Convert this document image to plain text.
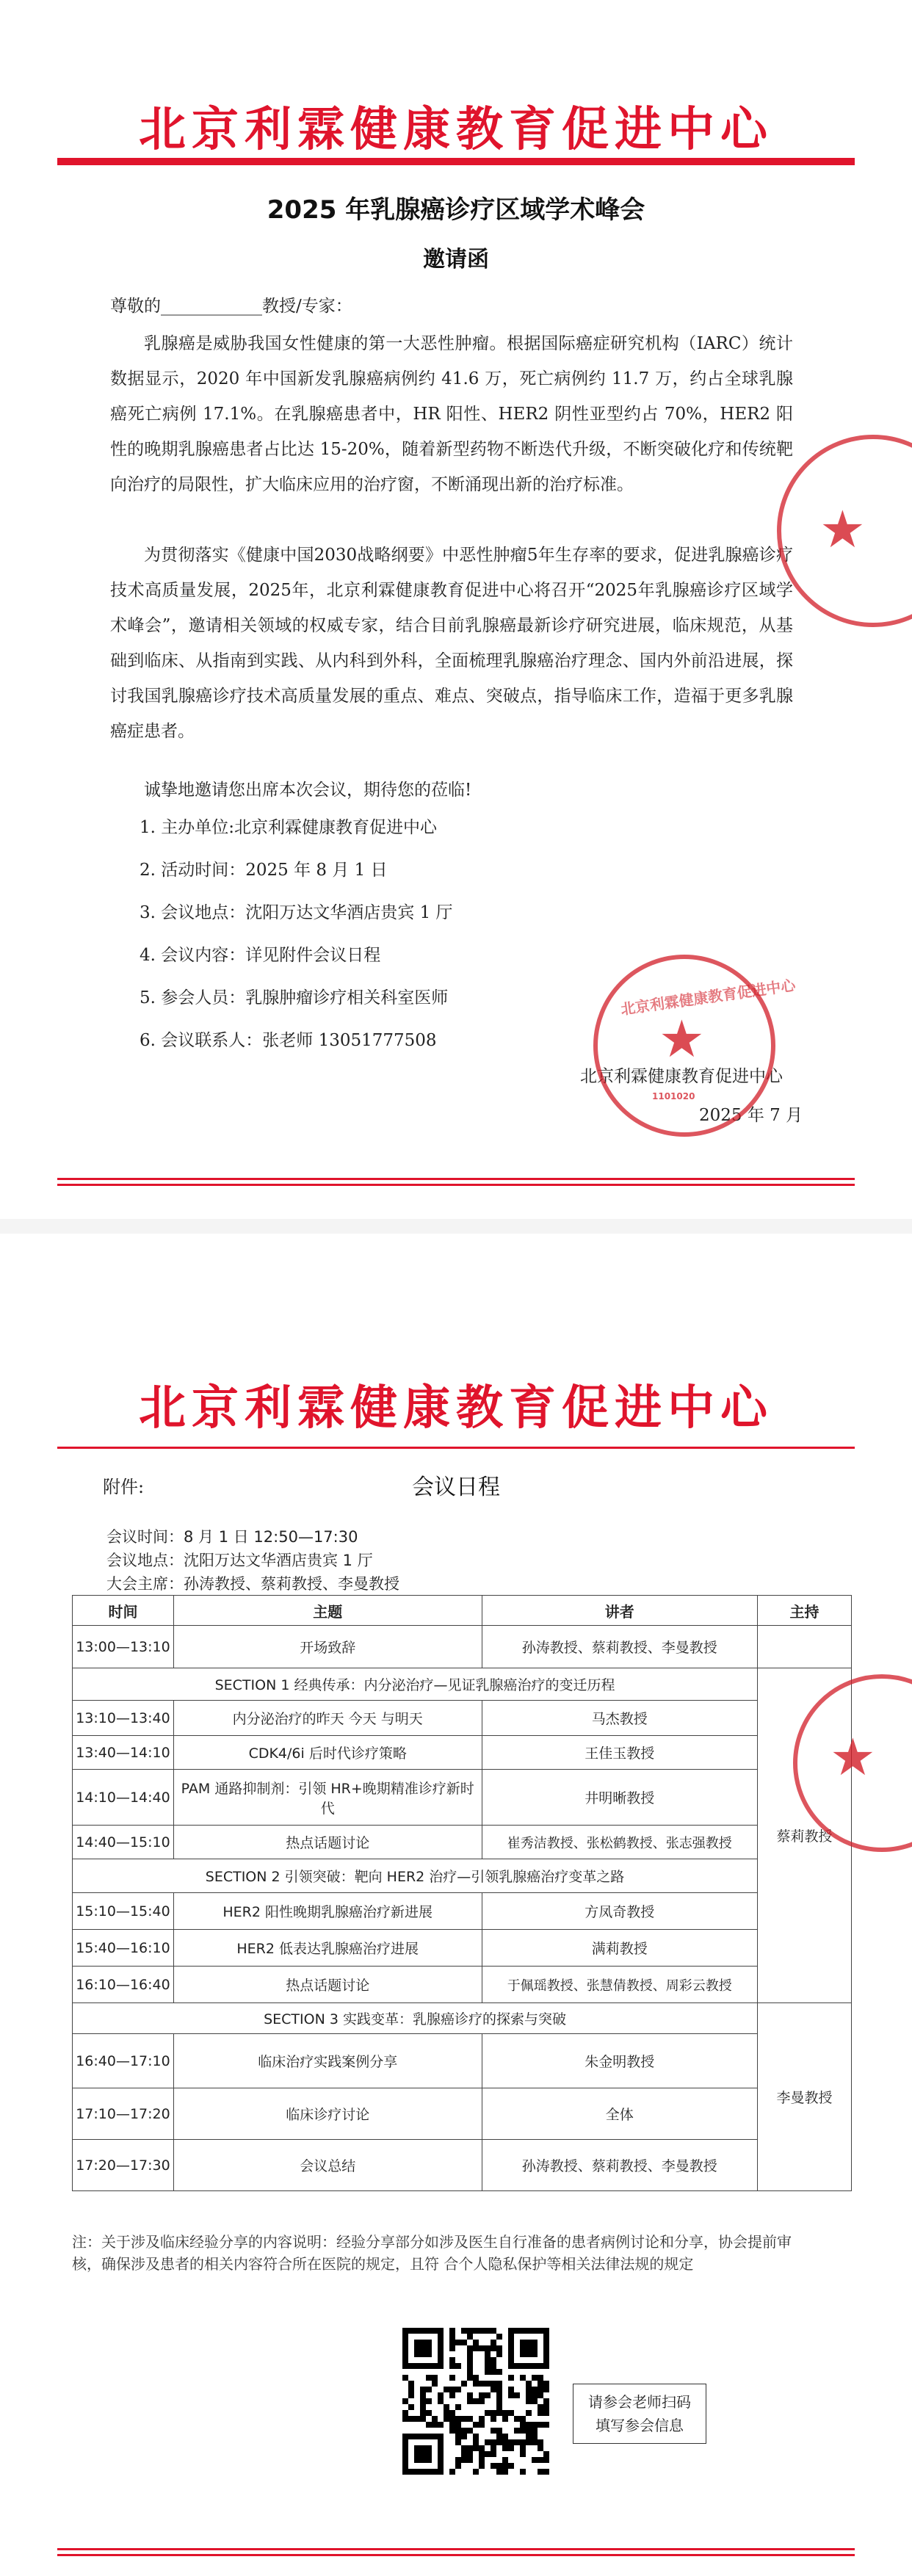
北京利霖健康教育促进中心
2025 年乳腺癌诊疗区域学术峰会
邀请函
尊敬的____________教授/专家：
乳腺癌是威胁我国女性健康的第一大恶性肿瘤。根据国际癌症研究机构（IARC）统计数据显示，2020 年中国新发乳腺癌病例约 41.6 万，死亡病例约 11.7 万，约占全球乳腺癌死亡病例 17.1%。在乳腺癌患者中，HR 阳性、HER2 阴性亚型约占 70%，HER2 阳性的晚期乳腺癌患者占比达 15-20%，随着新型药物不断迭代升级，不断突破化疗和传统靶向治疗的局限性，扩大临床应用的治疗窗，不断涌现出新的治疗标准。
为贯彻落实《健康中国2030战略纲要》中恶性肿瘤5年生存率的要求，促进乳腺癌诊疗技术高质量发展，2025年，北京利霖健康教育促进中心将召开“2025年乳腺癌诊疗区域学术峰会”，邀请相关领域的权威专家，结合目前乳腺癌最新诊疗研究进展，临床规范，从基础到临床、从指南到实践、从内科到外科，全面梳理乳腺癌治疗理念、国内外前沿进展，探讨我国乳腺癌诊疗技术高质量发展的重点、难点、突破点，指导临床工作，造福于更多乳腺癌症患者。
诚挚地邀请您出席本次会议，期待您的莅临!
1. 主办单位:北京利霖健康教育促进中心
2. 活动时间：2025 年 8 月 1 日
3. 会议地点：沈阳万达文华酒店贵宾 1 厅
4. 会议内容：详见附件会议日程
5. 参会人员：乳腺肿瘤诊疗相关科室医师
6. 会议联系人：张老师 13051777508
北京利霖健康教育促进中心
2025 年 7 月
★
★
北京利霖健康教育促进中心
1101020
北京利霖健康教育促进中心
附件:	会议日程
会议时间：8 月 1 日 12:50—17:30
会议地点：沈阳万达文华酒店贵宾 1 厅
大会主席：孙涛教授、蔡莉教授、李曼教授
时间	主题	讲者	主持
13:00—13:10	开场致辞	孙涛教授、蔡莉教授、李曼教授	
SECTION 1 经典传承：内分泌治疗—见证乳腺癌治疗的变迁历程			蔡莉教授
13:10—13:40	内分泌治疗的昨天 今天 与明天	马杰教授	
13:40—14:10	CDK4/6i 后时代诊疗策略	王佳玉教授	
14:10—14:40	PAM 通路抑制剂：引领 HR+晚期精准诊疗新时代	井明晰教授	
14:40—15:10	热点话题讨论	崔秀洁教授、张松鹤教授、张志强教授	
SECTION 2 引领突破：靶向 HER2 治疗—引领乳腺癌治疗变革之路			
15:10—15:40	HER2 阳性晚期乳腺癌治疗新进展	方凤奇教授	
15:40—16:10	HER2 低表达乳腺癌治疗进展	满莉教授	
16:10—16:40	热点话题讨论	于佩瑶教授、张慧倩教授、周彩云教授	
SECTION 3 实践变革：乳腺癌诊疗的探索与突破			李曼教授
16:40—17:10	临床治疗实践案例分享	朱金明教授	
17:10—17:20	临床诊疗讨论	全体	
17:20—17:30	会议总结	孙涛教授、蔡莉教授、李曼教授	
★
注：关于涉及临床经验分享的内容说明：经验分享部分如涉及医生自行准备的患者病例讨论和分享，协会提前审核，确保涉及患者的相关内容符合所在医院的规定，且符 合个人隐私保护等相关法律法规的规定
请参会老师扫码
填写参会信息
